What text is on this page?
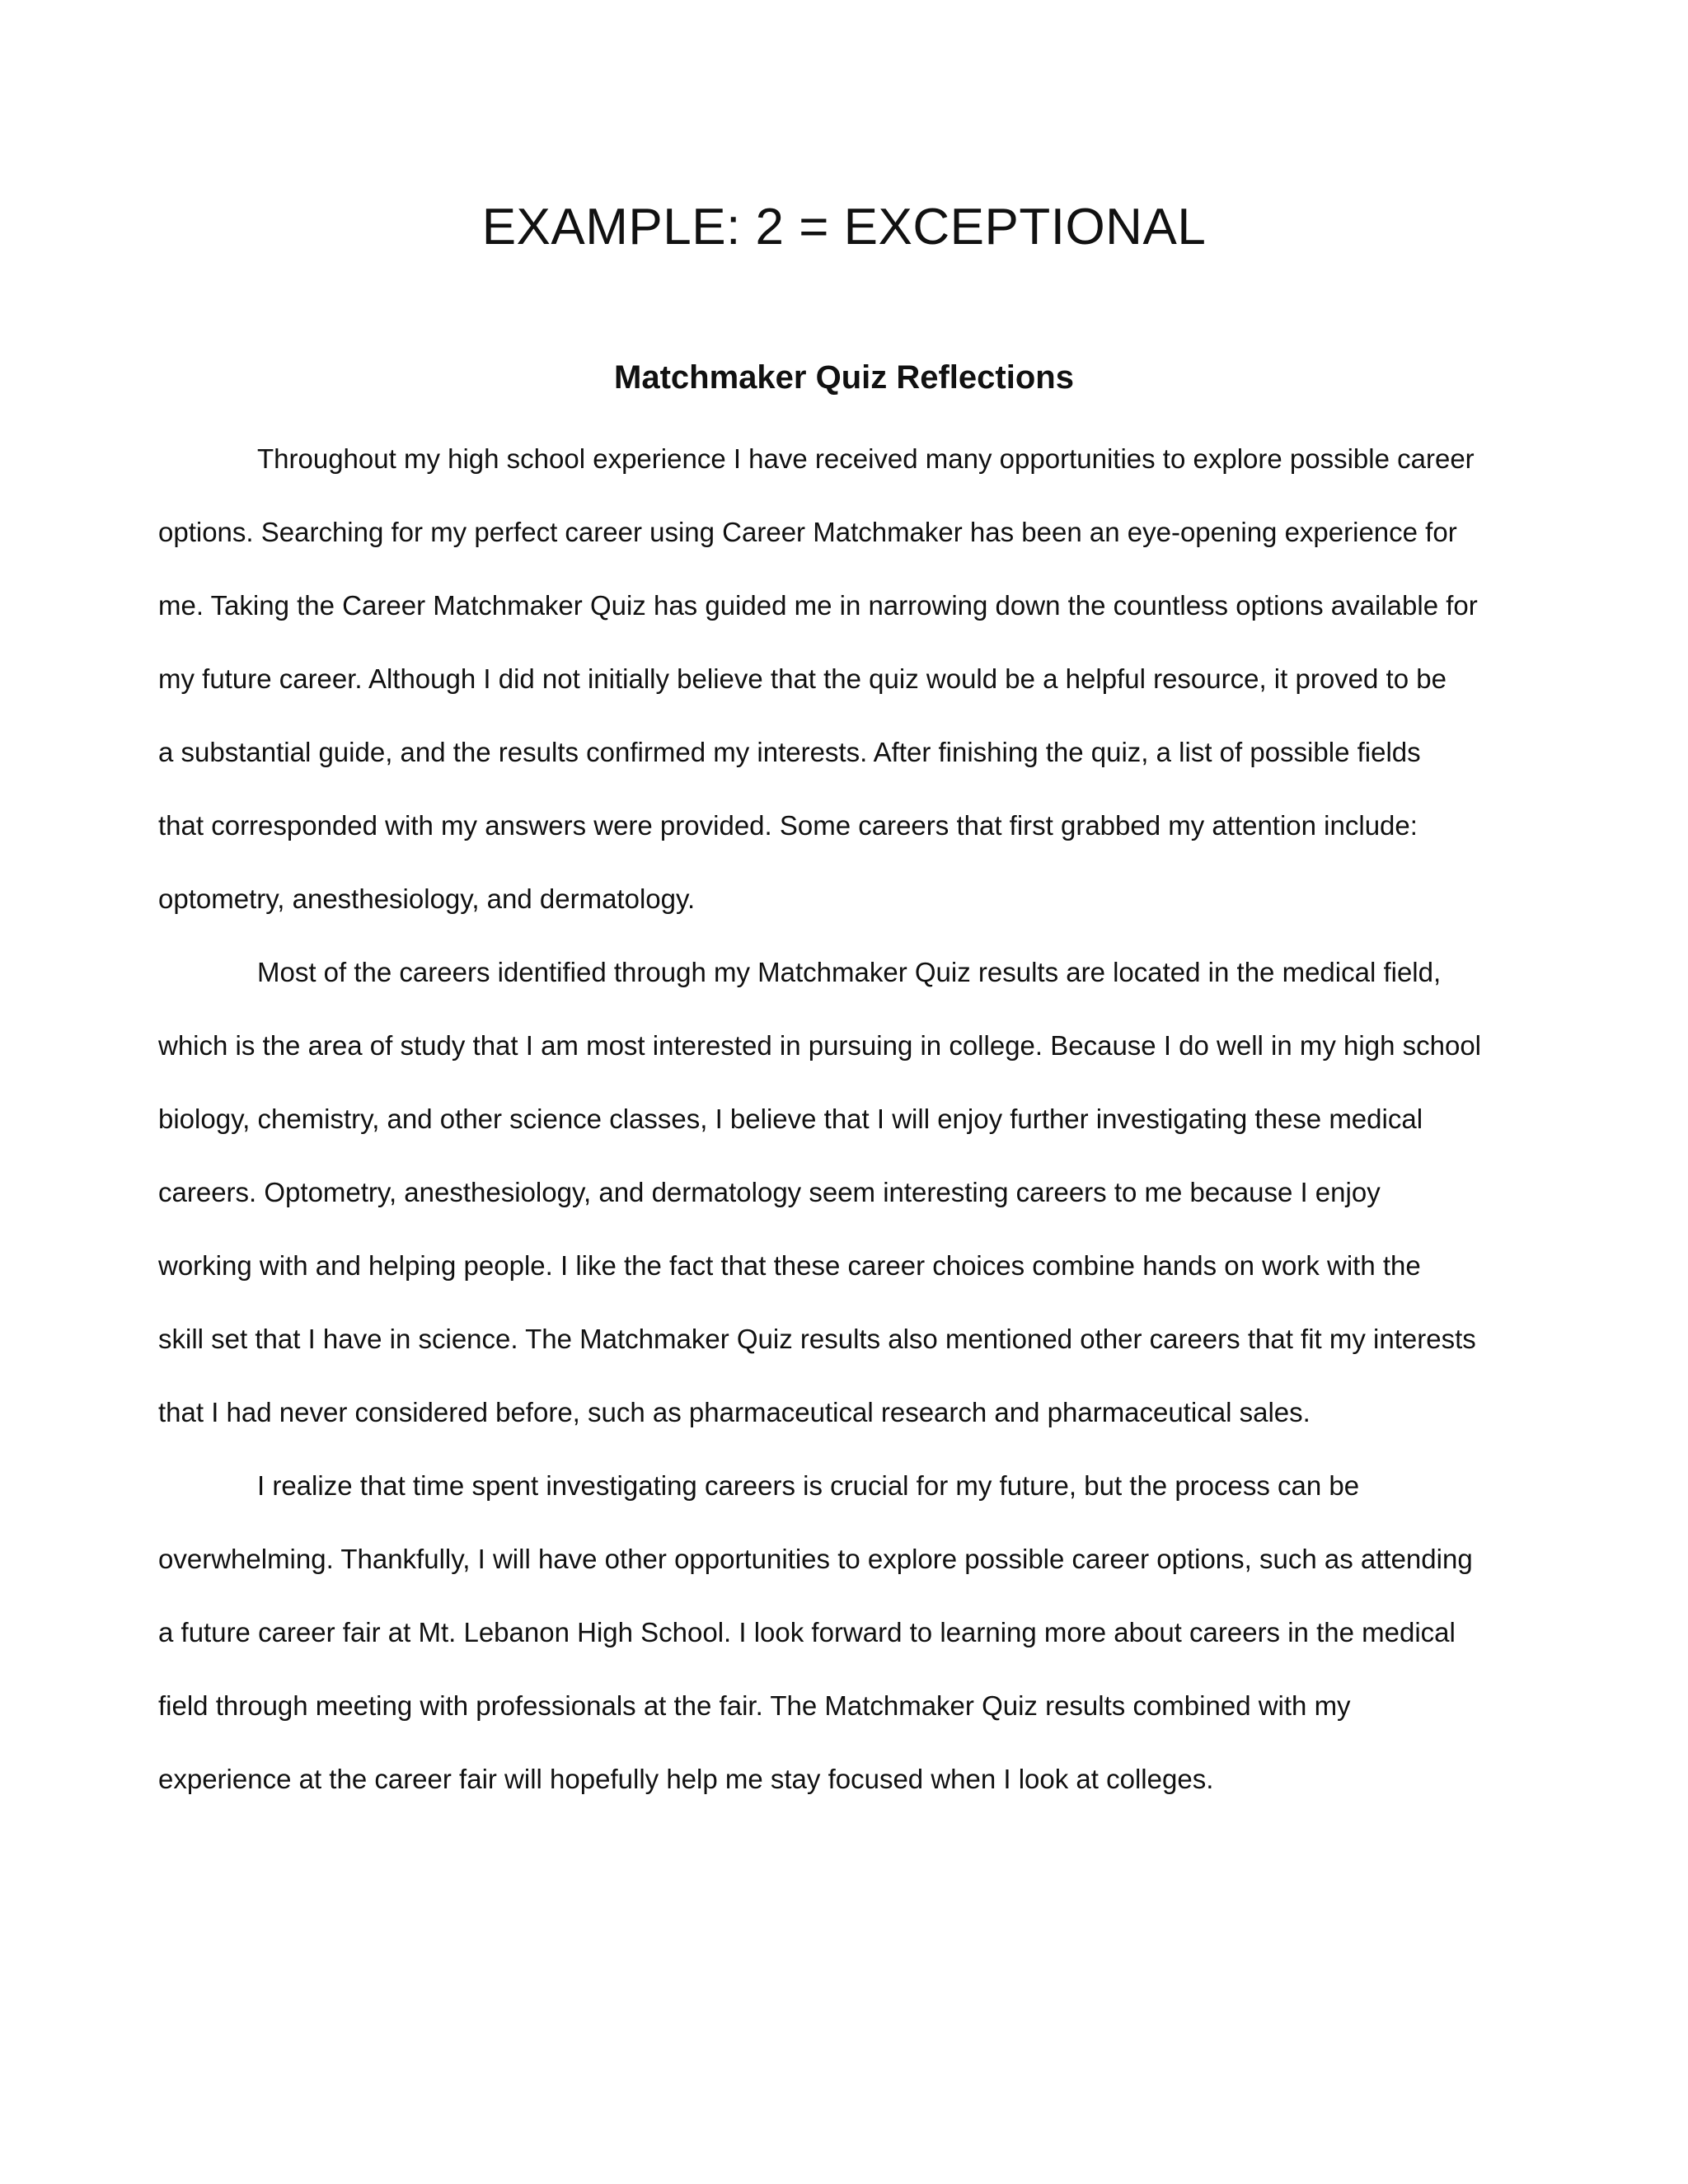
EXAMPLE: 2 = EXCEPTIONAL
Matchmaker Quiz Reflections

Throughout my high school experience I have received many opportunities to explore possible career

options. Searching for my perfect career using Career Matchmaker has been an eye-opening experience for

me. Taking the Career Matchmaker Quiz has guided me in narrowing down the countless options available for

my future career. Although I did not initially believe that the quiz would be a helpful resource, it proved to be

a substantial guide, and the results confirmed my interests. After finishing the quiz, a list of possible fields

that corresponded with my answers were provided. Some careers that first grabbed my attention include:

optometry, anesthesiology, and dermatology.

Most of the careers identified through my Matchmaker Quiz results are located in the medical field,

which is the area of study that I am most interested in pursuing in college. Because I do well in my high school

biology, chemistry, and other science classes, I believe that I will enjoy further investigating these medical

careers. Optometry, anesthesiology, and dermatology seem interesting careers to me because I enjoy

working with and helping people. I like the fact that these career choices combine hands on work with the

skill set that I have in science. The Matchmaker Quiz results also mentioned other careers that fit my interests

that I had never considered before, such as pharmaceutical research and pharmaceutical sales.

I realize that time spent investigating careers is crucial for my future, but the process can be

overwhelming. Thankfully, I will have other opportunities to explore possible career options, such as attending

a future career fair at Mt. Lebanon High School. I look forward to learning more about careers in the medical

field through meeting with professionals at the fair. The Matchmaker Quiz results combined with my

experience at the career fair will hopefully help me stay focused when I look at colleges.
